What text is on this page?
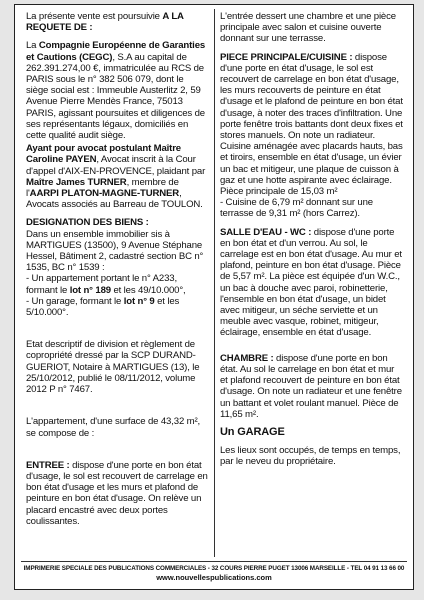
La présente vente est poursuivie A LA REQUETE DE :

La Compagnie Européenne de Garanties et Cautions (CEGC), S.A au capital de 262.391.274,00 €, immatriculée au RCS de PARIS sous le n° 382 506 079, dont le siège social est : Immeuble Austerlitz 2, 59 Avenue Pierre Mendès France, 75013 PARIS, agissant poursuites et diligences de ses représentants légaux, domiciliés en cette qualité audit siège.

Ayant pour avocat postulant Maître Caroline PAYEN, Avocat inscrit à la Cour d'appel d'AIX-EN-PROVENCE, plaidant par Maître James TURNER, membre de l'AARPI PLATON-MAGNE-TURNER, Avocats associés au Barreau de TOULON.

DESIGNATION DES BIENS :

Dans un ensemble immobilier sis à MARTIGUES (13500), 9 Avenue Stéphane Hessel, Bâtiment 2, cadastré section BC n° 1535, BC n° 1539 :

- Un appartement portant le n° A233, formant le lot n° 189 et les 49/10.000°,

- Un garage, formant le lot n° 9 et les 5/10.000°.

Etat descriptif de division et règlement de copropriété dressé par la SCP DURAND-GUERIOT, Notaire à MARTIGUES (13), le 25/10/2012, publié le 08/11/2012, volume 2012 P n° 7467.

L'appartement, d'une surface de 43,32 m², se compose de :

ENTREE : dispose d'une porte en bon état d'usage, le sol est recouvert de carrelage en bon état d'usage et les murs et plafond de peinture en bon état d'usage. On relève un placard encastré avec deux portes coulissantes.

L'entrée dessert une chambre et une pièce principale avec salon et cuisine ouverte donnant sur une terrasse.

PIECE PRINCIPALE/CUISINE : dispose d'une porte en état d'usage, le sol est recouvert de carrelage en bon état d'usage, les murs recouverts de peinture en état d'usage et le plafond de peinture en bon état d'usage, à noter des traces d'infiltration. Une porte fenêtre trois battants dont deux fixes et stores manuels. On note un radiateur.

Cuisine aménagée avec placards hauts, bas et tiroirs, ensemble en état d'usage, un évier un bac et mitigeur, une plaque de cuisson à gaz et une hotte aspirante avec éclairage.

Pièce principale de 15,03 m²

- Cuisine de 6,79 m² donnant sur une terrasse de 9,31 m² (hors Carrez).

SALLE D'EAU - WC : dispose d'une porte en bon état et d'un verrou. Au sol, le carrelage est en bon état d'usage. Au mur et plafond, peinture en bon état d'usage. Pièce de 5,57 m². La pièce est équipée d'un W.C., un bac à douche avec paroi, robinetterie, l'ensemble en bon état d'usage, un bidet avec mitigeur, un séche serviette et un meuble avec vasque, robinet, mitigeur, éclairage, ensemble en état d'usage.

CHAMBRE : dispose d'une porte en bon état. Au sol le carrelage en bon état et mur et plafond recouvert de peinture en bon état d'usage. On note un radiateur et une fenêtre un battant et volet roulant manuel. Pièce de 11,65 m².

Un GARAGE

Les lieux sont occupés, de temps en temps, par le neveu du propriétaire.

IMPRIMERIE SPECIALE DES PUBLICATIONS COMMERCIALES - 32 COURS PIERRE PUGET 13006 MARSEILLE - TEL 04 91 13 66 00
www.nouvellespublications.com
